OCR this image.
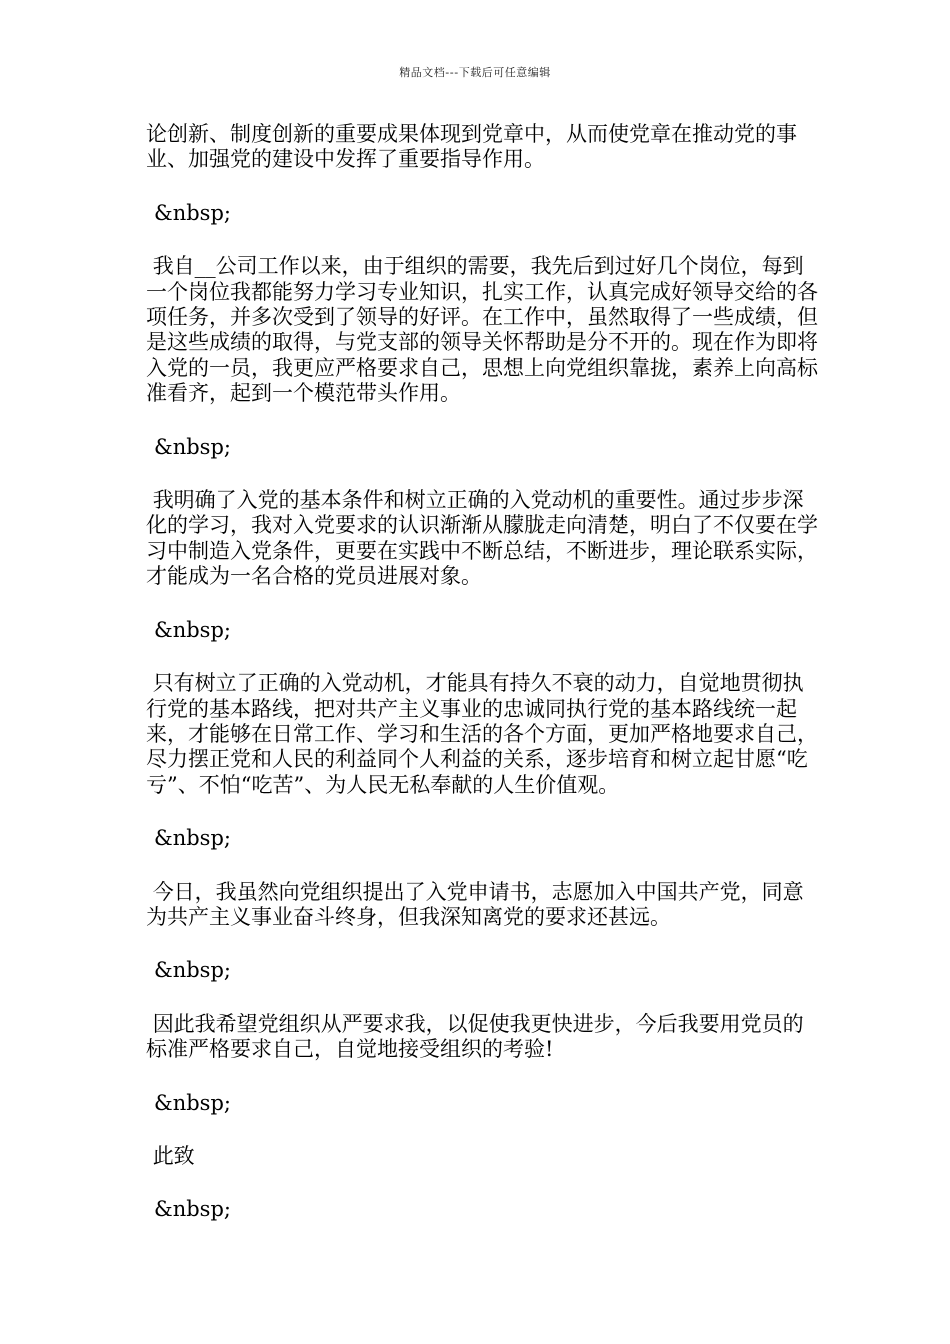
精品文档---下载后可任意编辑

论创新、制度创新的重要成果体现到党章中，从而使党章在推动党的事业、加强党的建设中发挥了重要指导作用。

&nbsp;

我自__公司工作以来，由于组织的需要，我先后到过好几个岗位，每到一个岗位我都能努力学习专业知识，扎实工作，认真完成好领导交给的各项任务，并多次受到了领导的好评。在工作中，虽然取得了一些成绩，但是这些成绩的取得，与党支部的领导关怀帮助是分不开的。现在作为即将入党的一员，我更应严格要求自己，思想上向党组织靠拢，素养上向高标准看齐，起到一个模范带头作用。

&nbsp;

我明确了入党的基本条件和树立正确的入党动机的重要性。通过步步深化的学习，我对入党要求的认识渐渐从朦胧走向清楚，明白了不仅要在学习中制造入党条件，更要在实践中不断总结，不断进步，理论联系实际，才能成为一名合格的党员进展对象。

&nbsp;

只有树立了正确的入党动机，才能具有持久不衰的动力，自觉地贯彻执行党的基本路线，把对共产主义事业的忠诚同执行党的基本路线统一起来，才能够在日常工作、学习和生活的各个方面，更加严格地要求自己，尽力摆正党和人民的利益同个人利益的关系，逐步培育和树立起甘愿“吃亏”、不怕“吃苦”、为人民无私奉献的人生价值观。

&nbsp;

今日，我虽然向党组织提出了入党申请书，志愿加入中国共产党，同意为共产主义事业奋斗终身，但我深知离党的要求还甚远。

&nbsp;

因此我希望党组织从严要求我，以促使我更快进步，今后我要用党员的标准严格要求自己，自觉地接受组织的考验!

&nbsp;

此致

&nbsp;
